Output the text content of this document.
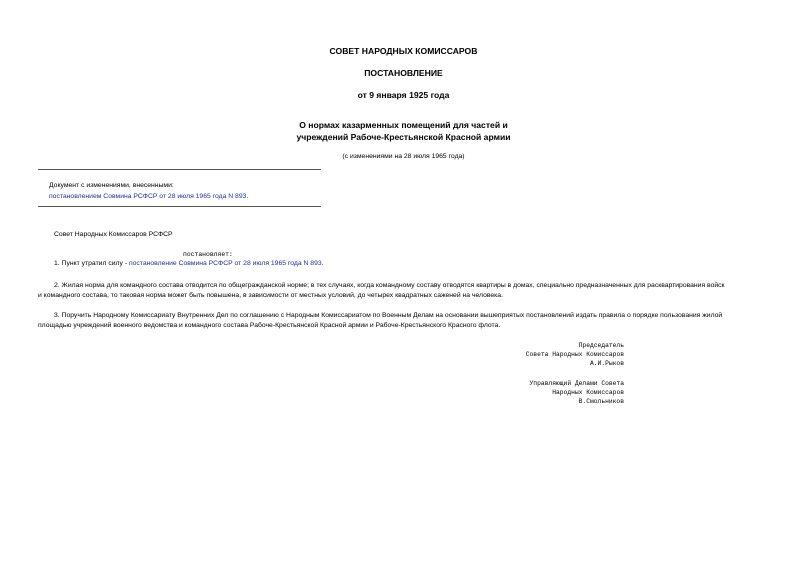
СОВЕТ НАРОДНЫХ КОМИССАРОВ
ПОСТАНОВЛЕНИЕ
от 9 января 1925 года
О нормах казарменных помещений для частей и
учреждений Рабоче-Крестьянской Красной армии
(с изменениями на 28 июля 1965 года)
Документ с изменениями, внесенными:
постановлением Совмина РСФСР от 28 июля 1965 года N 893.
Совет Народных Комиссаров РСФСР
постановляет:
1. Пункт утратил силу - постановление Совмина РСФСР от 28 июля 1965 года N 893.
2. Жилая норма для командного состава отводится по общегражданской норме; в тех случаях, когда командному составу отводятся квартиры в домах, специально предназначенных для расквартирования войск
и командного состава, то таковая норма может быть повышена, в зависимости от местных условий, до четырех квадратных саженей на человека.
3. Поручить Народному Комиссариату Внутренних Дел по соглашению с Народным Комиссариатом по Военным Делам на основании вышеприятых постановлений издать правила о порядке пользования жилой
площадью учреждений военного ведомства и командного состава Рабоче-Крестьянской Красной армии и Рабоче-Крестьянского Красного флота.
Председатель
Совета Народных Комиссаров
А.И.Рыков
Управляющий Делами Совета
Народных Комиссаров
В.Смольников
